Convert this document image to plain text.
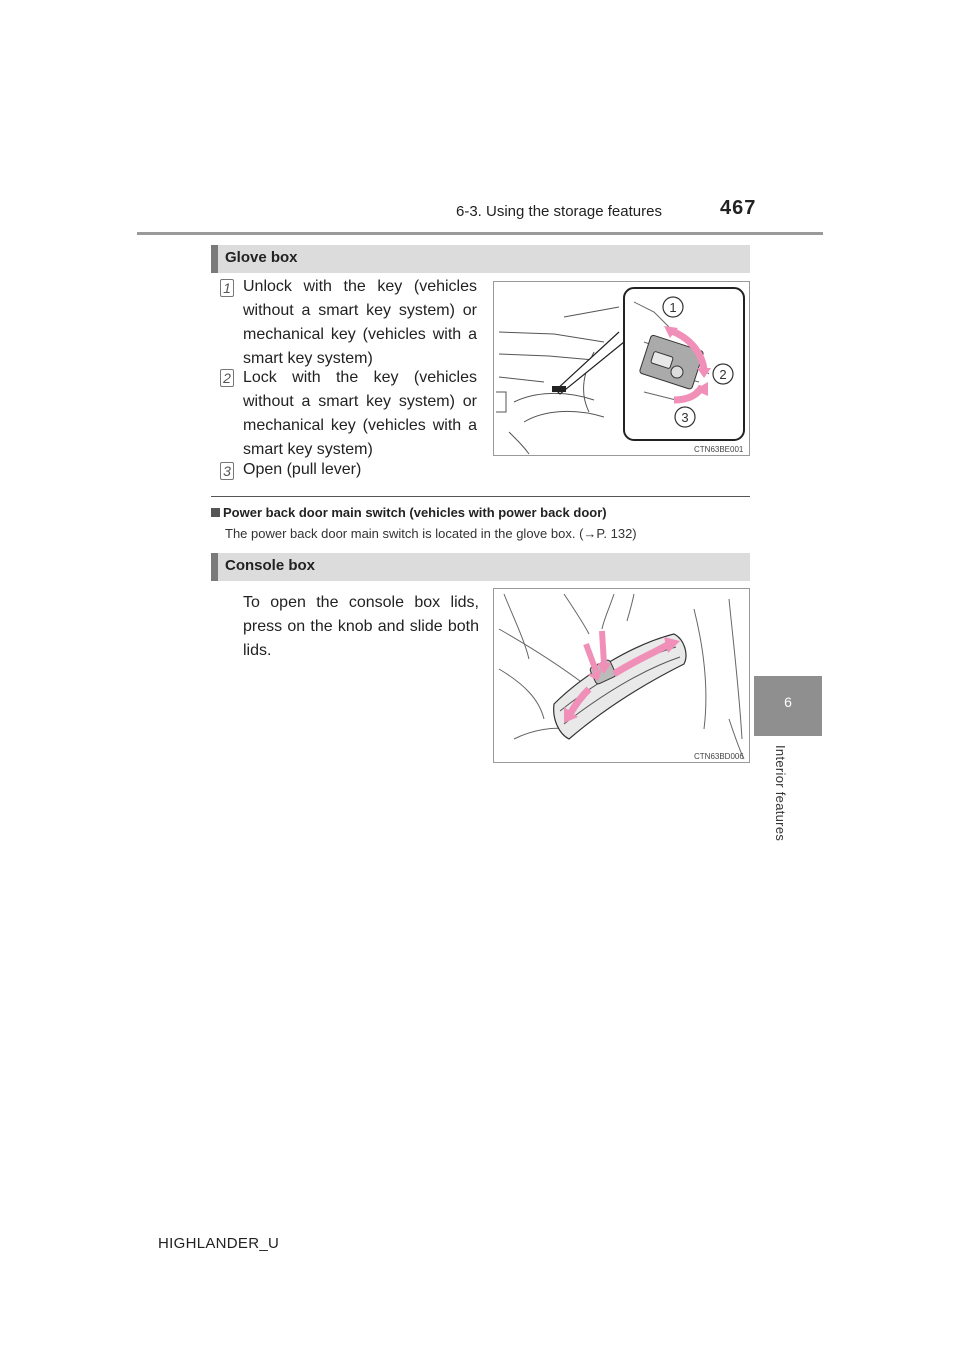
6-3. Using the storage features	467
6
Interior features
Glove box
1 Unlock with the key (vehicles without a smart key system) or mechanical key (vehicles with a smart key system)
2 Lock with the key (vehicles without a smart key system) or mechanical key (vehicles with a smart key system)
3 Open (pull lever)
1
2
3
CTN63BE001
Power back door main switch (vehicles with power back door)
The power back door main switch is located in the glove box. (→P. 132)
Console box
To open the console box lids, press on the knob and slide both lids.
CTN63BD006
HIGHLANDER_U
